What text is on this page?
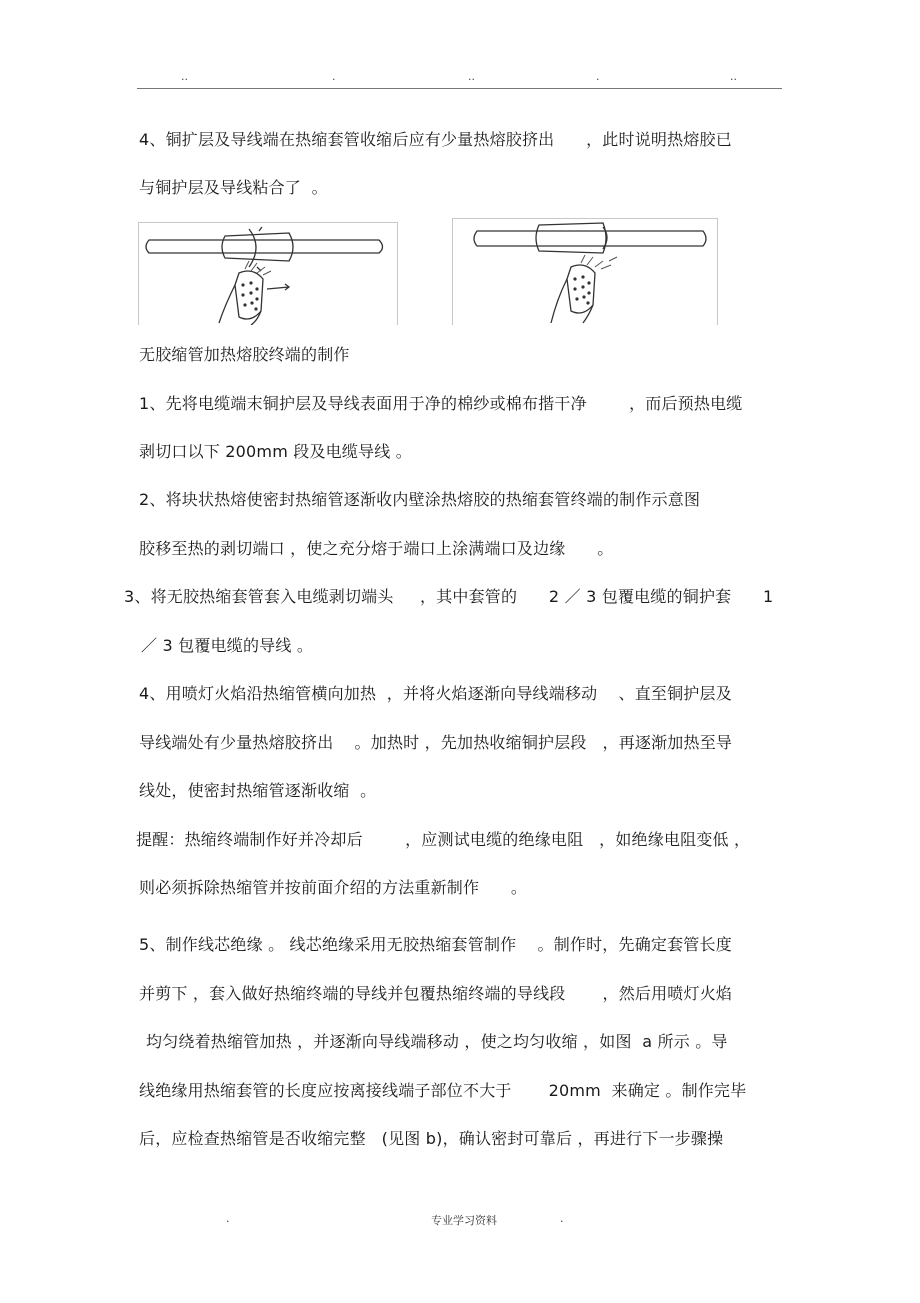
..	.	..	.	..
4、铜扩层及导线端在热缩套管收缩后应有少量热熔胶挤出      ，此时说明热熔胶已
与铜护层及导线粘合了  。
无胶缩管加热熔胶终端的制作
1、先将电缆端末铜护层及导线表面用于净的棉纱或棉布揩干净        ，而后预热电缆
剥切口以下 200mm 段及电缆导线 。
2、将块状热熔使密封热缩管逐渐收内壁涂热熔胶的热缩套管终端的制作示意图
胶移至热的剥切端口 ，使之充分熔于端口上涂满端口及边缘      。
3、将无胶热缩套管套入电缆剥切端头     ，其中套管的      2 ／ 3 包覆电缆的铜护套      1
／ 3 包覆电缆的导线 。
4、用喷灯火焰沿热缩管横向加热  ，并将火焰逐渐向导线端移动    、直至铜护层及
导线端处有少量热熔胶挤出    。加热时 ，先加热收缩铜护层段   ，再逐渐加热至导
线处，使密封热缩管逐渐收缩  。
提醒：热缩终端制作好并冷却后        ，应测试电缆的绝缘电阻   ，如绝缘电阻变低 ，
则必须拆除热缩管并按前面介绍的方法重新制作      。
5、制作线芯绝缘 。 线芯绝缘采用无胶热缩套管制作    。制作时，先确定套管长度
并剪下 ，套入做好热缩终端的导线并包覆热缩终端的导线段       ，然后用喷灯火焰
均匀绕着热缩管加热 ，并逐渐向导线端移动 ，使之均匀收缩 ，如图  a 所示 。导
线绝缘用热缩套管的长度应按离接线端子部位不大于       20mm  来确定 。制作完毕
后，应检查热缩管是否收缩完整   (见图 b)，确认密封可靠后 ，再进行下一步骤操
.	专业学习资料	.
